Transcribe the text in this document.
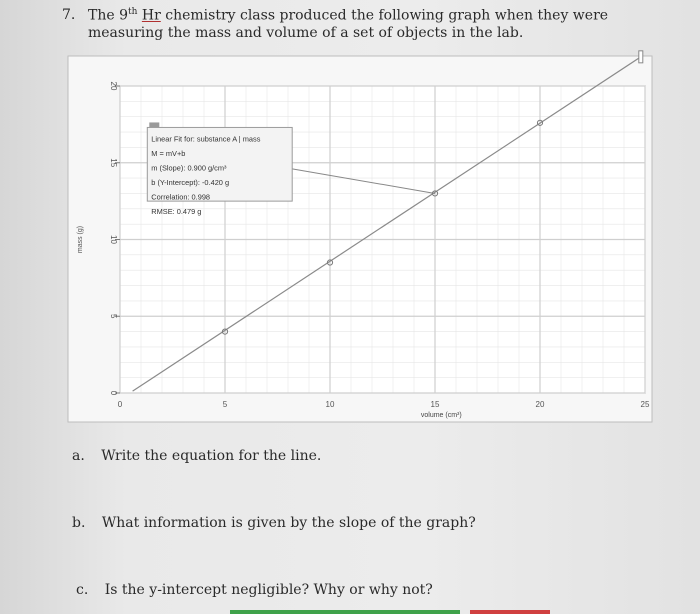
7. The 9th Hr chemistry class produced the following graph when they were
measuring the mass and volume of a set of objects in the lab.
0	5	10	15	20	25
0
5
10
15
20
volume (cm³)
mass (g)
Linear Fit for: substance A | mass
M = mV+b
m (Slope): 0.900 g/cm³
b (Y-Intercept): -0.420 g
Correlation: 0.998
RMSE: 0.479 g
a. Write the equation for the line.
b. What information is given by the slope of the graph?
c. Is the y-intercept negligible? Why or why not?
